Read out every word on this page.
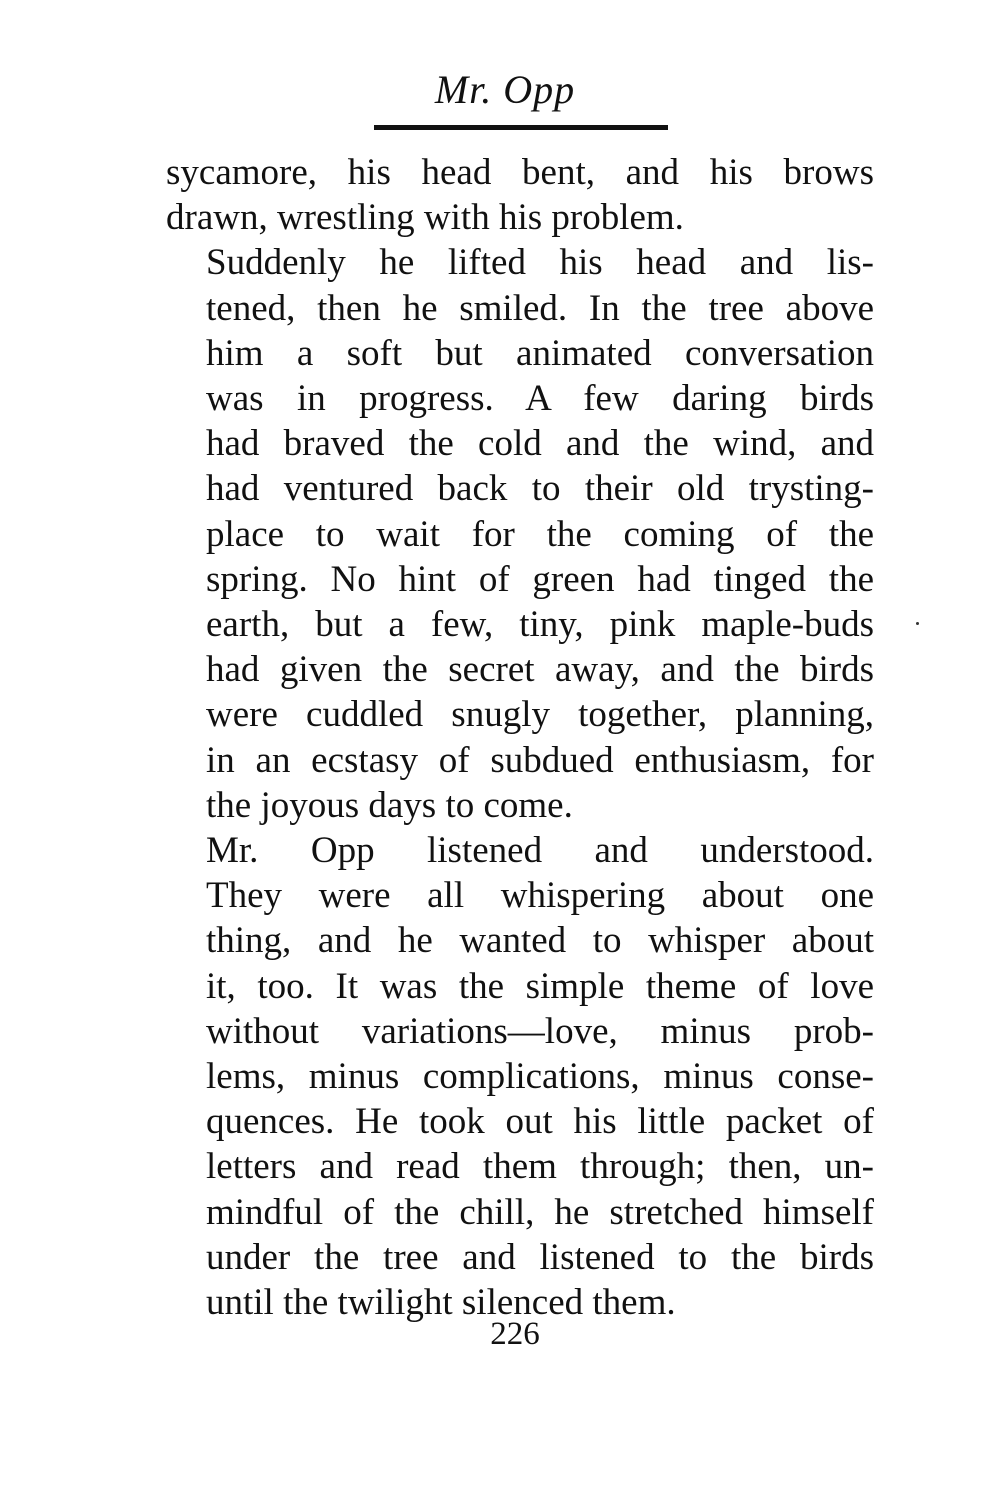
Mr. Opp

sycamore, his head bent, and his brows
drawn, wrestling with his problem.

Suddenly he lifted his head and lis-
tened, then he smiled. In the tree above
him a soft but animated conversation
was in progress. A few daring birds
had braved the cold and the wind, and
had ventured back to their old trysting-
place to wait for the coming of the
spring. No hint of green had tinged the
earth, but a few, tiny, pink maple-buds
had given the secret away, and the birds
were cuddled snugly together, planning,
in an ecstasy of subdued enthusiasm, for
the joyous days to come.

Mr. Opp listened and understood.
They were all whispering about one
thing, and he wanted to whisper about
it, too. It was the simple theme of love
without variations—love, minus prob-
lems, minus complications, minus conse-
quences. He took out his little packet of
letters and read them through; then, un-
mindful of the chill, he stretched himself
under the tree and listened to the birds
until the twilight silenced them.

226
